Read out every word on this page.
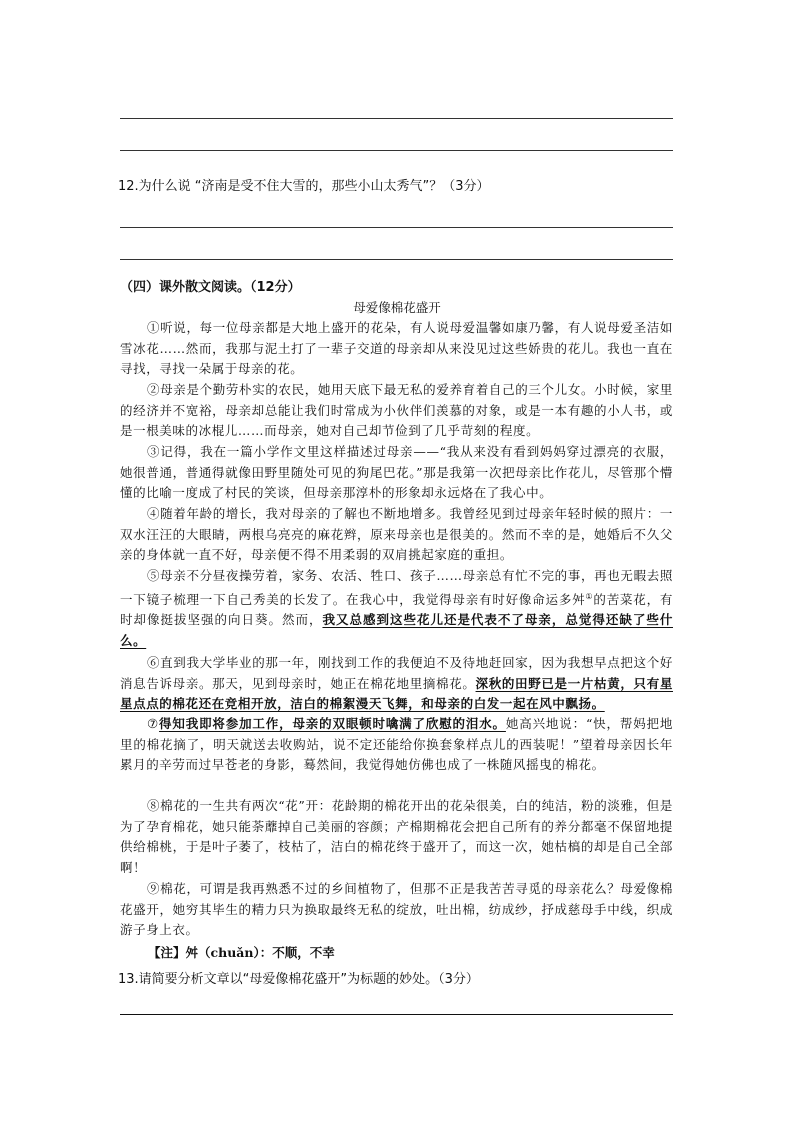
12.为什么说 “济南是受不住大雪的，那些小山太秀气”？（3分）
（四）课外散文阅读。（12分）
母爱像棉花盛开
①听说，每一位母亲都是大地上盛开的花朵，有人说母爱温馨如康乃馨，有人说母爱圣洁如雪冰花……然而，我那与泥土打了一辈子交道的母亲却从来没见过这些娇贵的花儿。我也一直在寻找，寻找一朵属于母亲的花。
②母亲是个勤劳朴实的农民，她用天底下最无私的爱养育着自己的三个儿女。小时候，家里的经济并不宽裕，母亲却总能让我们时常成为小伙伴们羡慕的对象，或是一本有趣的小人书，或是一根美味的冰棍儿……而母亲，她对自己却节俭到了几乎苛刻的程度。
③记得，我在一篇小学作文里这样描述过母亲——“我从来没有看到妈妈穿过漂亮的衣服，她很普通，普通得就像田野里随处可见的狗尾巴花。”那是我第一次把母亲比作花儿，尽管那个懵懂的比喻一度成了村民的笑谈，但母亲那淳朴的形象却永远烙在了我心中。
④随着年龄的增长，我对母亲的了解也不断地增多。我曾经见到过母亲年轻时候的照片：一双水汪汪的大眼睛，两根乌亮亮的麻花辫，原来母亲也是很美的。然而不幸的是，她婚后不久父亲的身体就一直不好，母亲便不得不用柔弱的双肩挑起家庭的重担。
⑤母亲不分昼夜操劳着，家务、农活、牲口、孩子……母亲总有忙不完的事，再也无暇去照一下镜子梳理一下自己秀美的长发了。在我心中，我觉得母亲有时好像命运多舛①的苦菜花，有时却像挺拔坚强的向日葵。然而，我又总感到这些花儿还是代表不了母亲，总觉得还缺了些什么。
⑥直到我大学毕业的那一年，刚找到工作的我便迫不及待地赶回家，因为我想早点把这个好消息告诉母亲。那天，见到母亲时，她正在棉花地里摘棉花。深秋的田野已是一片枯黄，只有星星点点的棉花还在竞相开放，洁白的棉絮漫天飞舞，和母亲的白发一起在风中飘扬。
⑦得知我即将参加工作，母亲的双眼顿时噙满了欣慰的泪水。她高兴地说：“快，帮妈把地里的棉花摘了，明天就送去收购站，说不定还能给你换套象样点儿的西装呢！”望着母亲因长年累月的辛劳而过早苍老的身影，蓦然间，我觉得她仿佛也成了一株随风摇曳的棉花。
⑧棉花的一生共有两次“花”开：花龄期的棉花开出的花朵很美，白的纯洁，粉的淡雅，但是为了孕育棉花，她只能荼蘼掉自己美丽的容颜；产棉期棉花会把自己所有的养分都毫不保留地提供给棉桃，于是叶子萎了，枝枯了，洁白的棉花终于盛开了，而这一次，她枯槁的却是自己全部啊！
⑨棉花，可谓是我再熟悉不过的乡间植物了，但那不正是我苦苦寻觅的母亲花么？母爱像棉花盛开，她穷其毕生的精力只为换取最终无私的绽放，吐出棉，纺成纱，抒成慈母手中线，织成游子身上衣。
【注】舛（chuǎn）：不顺，不幸
13.请简要分析文章以“母爱像棉花盛开”为标题的妙处。（3分）
